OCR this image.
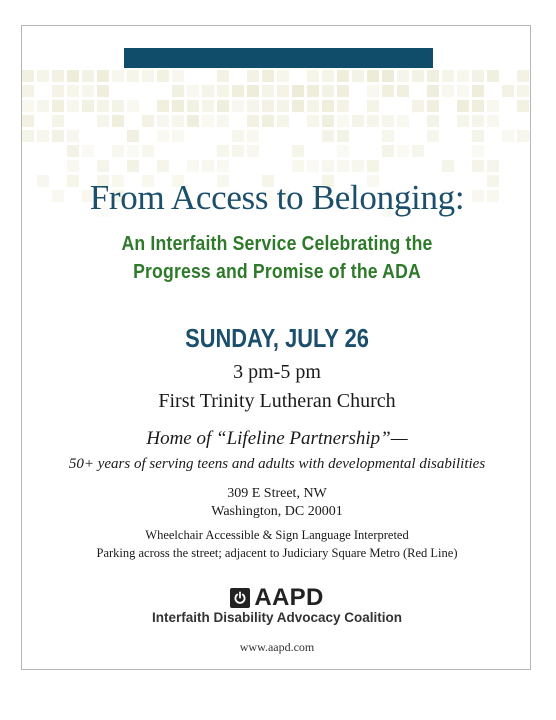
From Access to Belonging:
An Interfaith Service Celebrating the
Progress and Promise of the ADA
SUNDAY, JULY 26
3 pm-5 pm
First Trinity Lutheran Church
Home of “Lifeline Partnership”—
50+ years of serving teens and adults with developmental disabilities
309 E Street, NW
Washington, DC 20001
Wheelchair Accessible & Sign Language Interpreted
Parking across the street; adjacent to Judiciary Square Metro (Red Line)
AAPD
Interfaith Disability Advocacy Coalition
www.aapd.com
